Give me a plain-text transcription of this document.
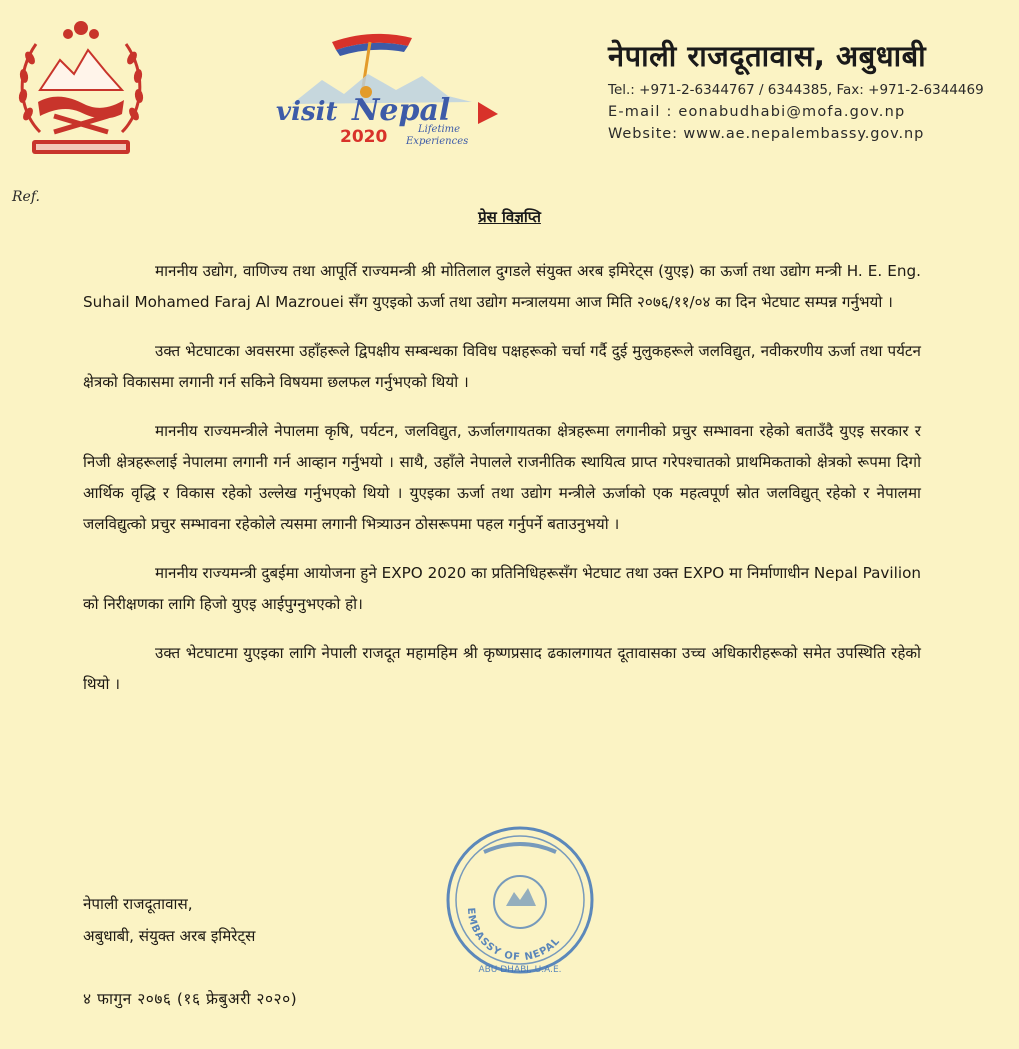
visit Nepal
2020	Lifetime
Experiences
नेपाली राजदूतावास, अबुधाबी
Tel.: +971-2-6344767 / 6344385, Fax: +971-2-6344469
E-mail : eonabudhabi@mofa.gov.np
Website: www.ae.nepalembassy.gov.np
Ref.
प्रेस विज्ञप्ति

माननीय उद्योग, वाणिज्य तथा आपूर्ति राज्यमन्त्री श्री मोतिलाल दुगडले संयुक्त अरब इमिरेट्स (युएइ) का ऊर्जा तथा उद्योग मन्त्री H. E. Eng. Suhail Mohamed Faraj Al Mazrouei सँग युएइको ऊर्जा तथा उद्योग मन्त्रालयमा आज मिति २०७६/११/०४ का दिन भेटघाट सम्पन्न गर्नुभयो ।

उक्त भेटघाटका अवसरमा उहाँहरूले द्विपक्षीय सम्बन्धका विविध पक्षहरूको चर्चा गर्दै दुई मुलुकहरूले जलविद्युत, नवीकरणीय ऊर्जा तथा पर्यटन क्षेत्रको विकासमा लगानी गर्न सकिने विषयमा छलफल गर्नुभएको थियो ।

माननीय राज्यमन्त्रीले नेपालमा कृषि, पर्यटन, जलविद्युत, ऊर्जालगायतका क्षेत्रहरूमा लगानीको प्रचुर सम्भावना रहेको बताउँदै युएइ सरकार र निजी क्षेत्रहरूलाई नेपालमा लगानी गर्न आव्हान गर्नुभयो । साथै, उहाँले नेपालले राजनीतिक स्थायित्व प्राप्त गरेपश्चातको प्राथमिकताको क्षेत्रको रूपमा दिगो आर्थिक वृद्धि र विकास रहेको उल्लेख गर्नुभएको थियो । युएइका ऊर्जा तथा उद्योग मन्त्रीले ऊर्जाको एक महत्वपूर्ण स्रोत जलविद्युत् रहेको र नेपालमा जलविद्युत्को प्रचुर सम्भावना रहेकोले त्यसमा लगानी भित्र्याउन ठोसरूपमा पहल गर्नुपर्ने बताउनुभयो ।

माननीय राज्यमन्त्री दुबईमा आयोजना हुने EXPO 2020 का प्रतिनिधिहरूसँग भेटघाट तथा उक्त EXPO मा निर्माणाधीन Nepal Pavilion को निरीक्षणका लागि हिजो युएइ आईपुग्नुभएको हो।

उक्त भेटघाटमा युएइका लागि नेपाली राजदूत महामहिम श्री कृष्णप्रसाद ढकालगायत दूतावासका उच्च अधिकारीहरूको समेत उपस्थिति रहेको थियो ।

EMBASSY OF NEPAL
ABU DHABI, U.A.E.
नेपाली राजदूतावास,
अबुधाबी, संयुक्त अरब इमिरेट्स
४ फागुन २०७६ (१६ फ्रेबुअरी २०२०)
